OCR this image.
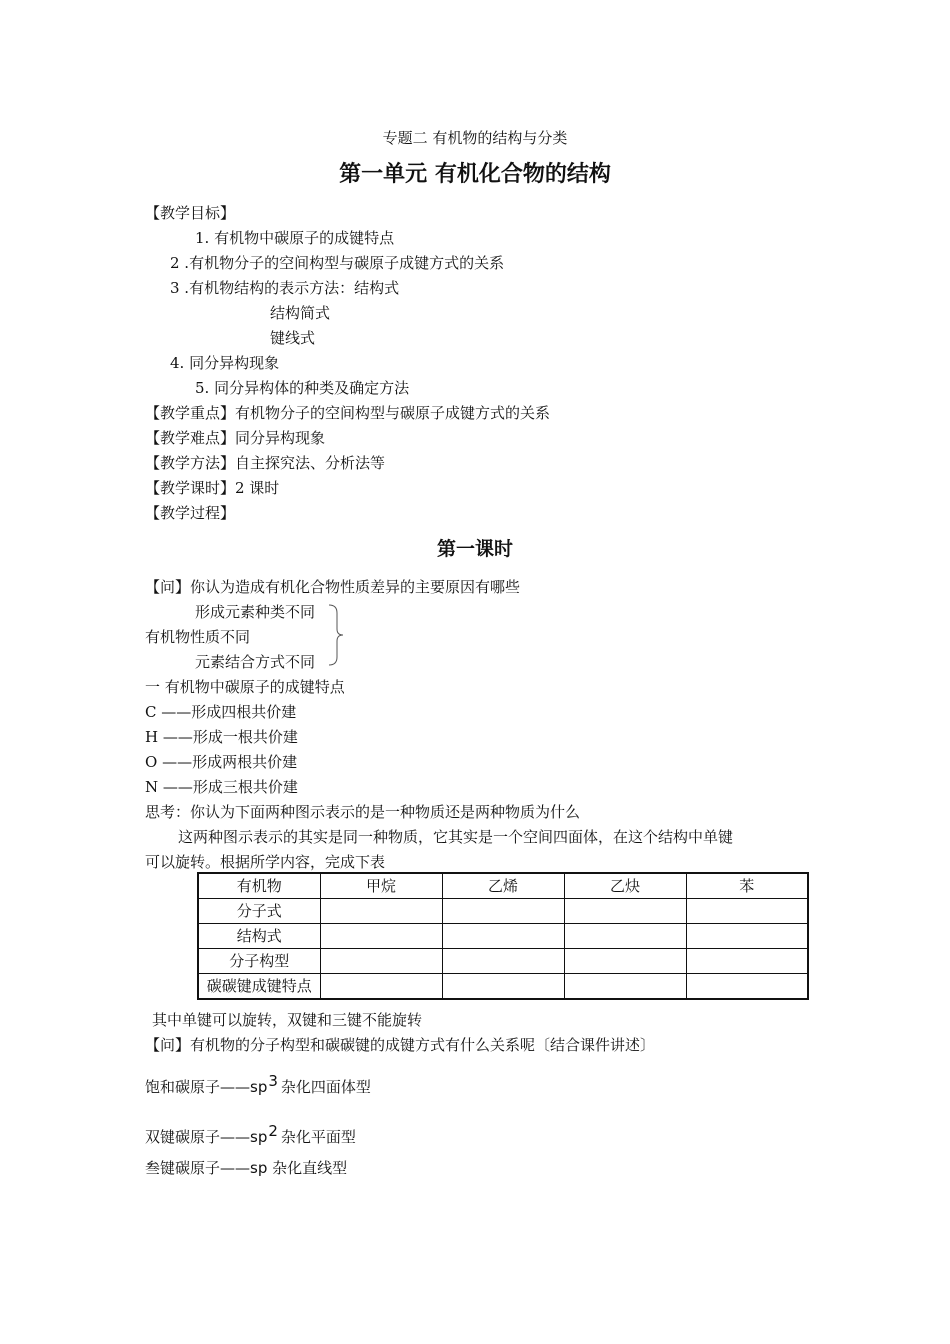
专题二 有机物的结构与分类
第一单元 有机化合物的结构
【教学目标】
1. 有机物中碳原子的成键特点
2 .有机物分子的空间构型与碳原子成键方式的关系
3 .有机物结构的表示方法：结构式
结构简式
键线式
4. 同分异构现象
5. 同分异构体的种类及确定方法
【教学重点】有机物分子的空间构型与碳原子成键方式的关系
【教学难点】同分异构现象
【教学方法】自主探究法、分析法等
【教学课时】2 课时
【教学过程】
第一课时
【问】你认为造成有机化合物性质差异的主要原因有哪些
形成元素种类不同
有机物性质不同
元素结合方式不同
一 有机物中碳原子的成键特点
C ——形成四根共价建
H ——形成一根共价建
O ——形成两根共价建
N ——形成三根共价建
思考：你认为下面两种图示表示的是一种物质还是两种物质为什么
这两种图示表示的其实是同一种物质，它其实是一个空间四面体，在这个结构中单键
可以旋转。根据所学内容，完成下表
有机物	甲烷	乙烯	乙炔	苯
分子式				
结构式				
分子构型				
碳碳键成键特点				
其中单键可以旋转，双键和三键不能旋转
【问】有机物的分子构型和碳碳键的成键方式有什么关系呢〔结合课件讲述〕
饱和碳原子$——sp^3$ 杂化四面体型
双键碳原子$——sp^2$ 杂化平面型
叁键碳原子——sp 杂化直线型
